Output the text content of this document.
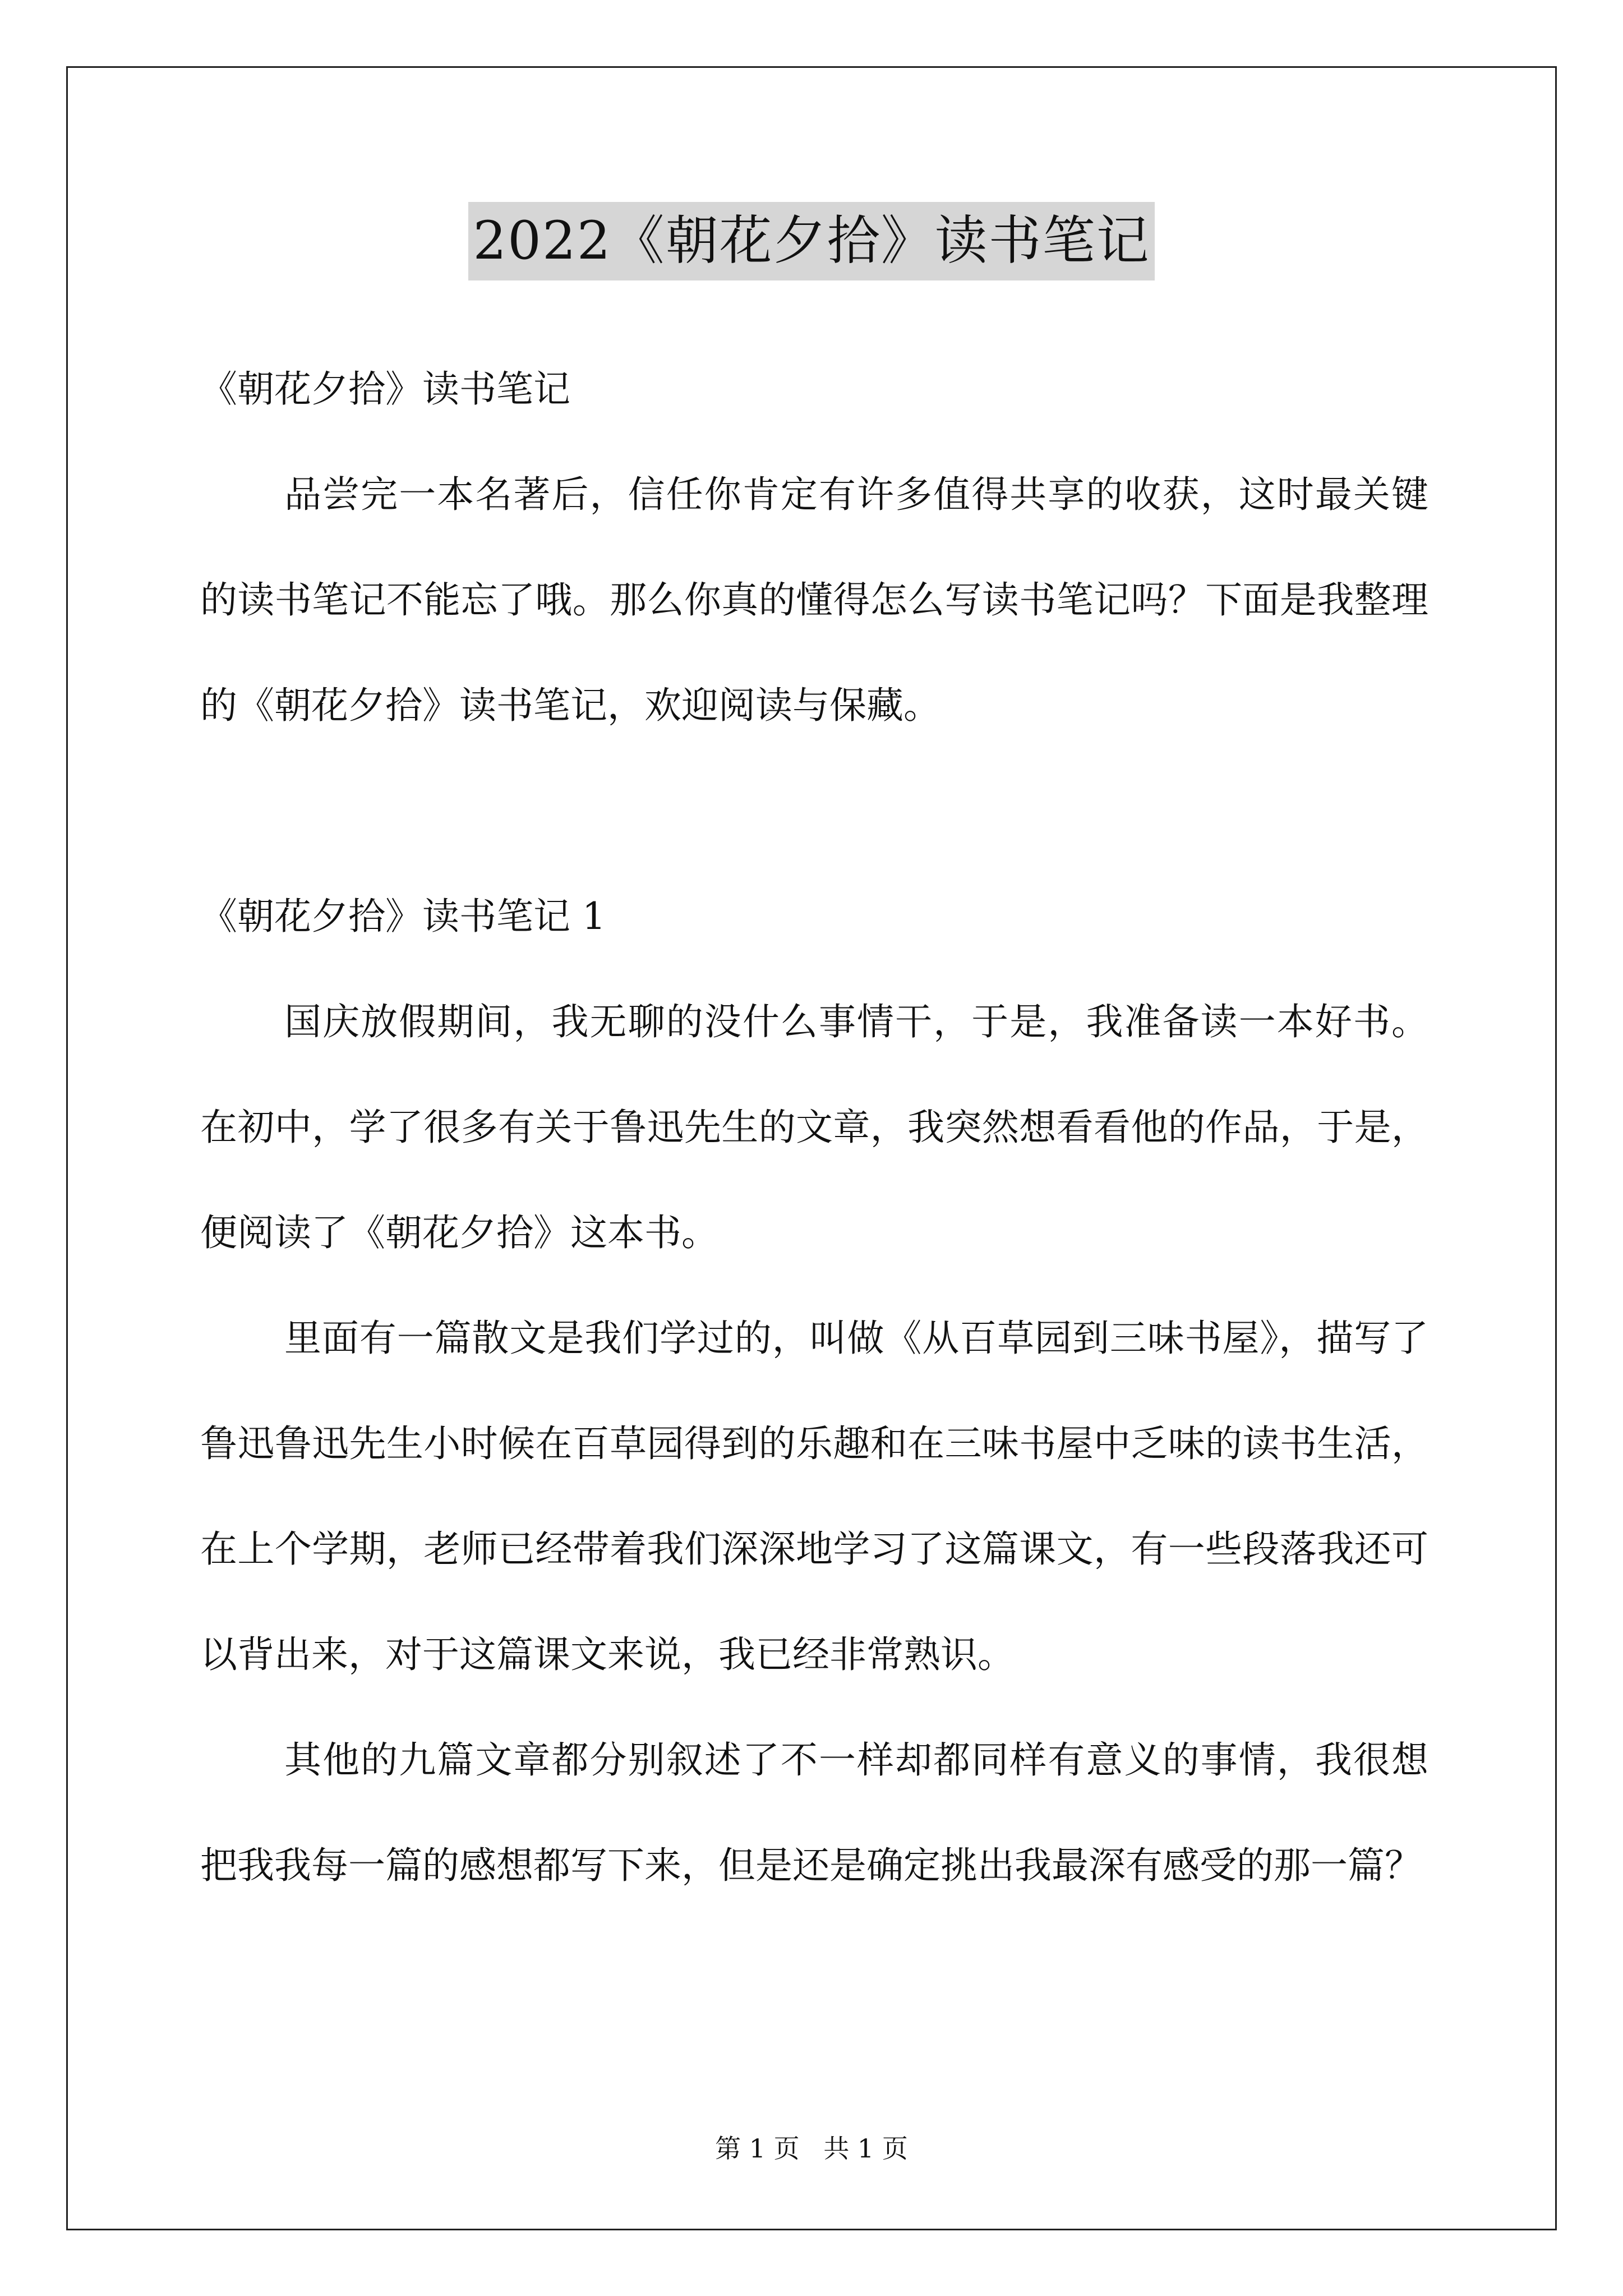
2022《朝花夕拾》读书笔记

《朝花夕拾》读书笔记

品尝完一本名著后，信任你肯定有许多值得共享的收获，这时最关键的读书笔记不能忘了哦。那么你真的懂得怎么写读书笔记吗？下面是我整理的《朝花夕拾》读书笔记，欢迎阅读与保藏。

《朝花夕拾》读书笔记 1

国庆放假期间，我无聊的没什么事情干，于是，我准备读一本好书。在初中，学了很多有关于鲁迅先生的文章，我突然想看看他的作品，于是，便阅读了《朝花夕拾》这本书。

里面有一篇散文是我们学过的，叫做《从百草园到三味书屋》，描写了鲁迅鲁迅先生小时候在百草园得到的乐趣和在三味书屋中乏味的读书生活，在上个学期，老师已经带着我们深深地学习了这篇课文，有一些段落我还可以背出来，对于这篇课文来说，我已经非常熟识。

其他的九篇文章都分别叙述了不一样却都同样有意义的事情，我很想把我我每一篇的感想都写下来，但是还是确定挑出我最深有感受的那一篇？

第 1 页 共 1 页
